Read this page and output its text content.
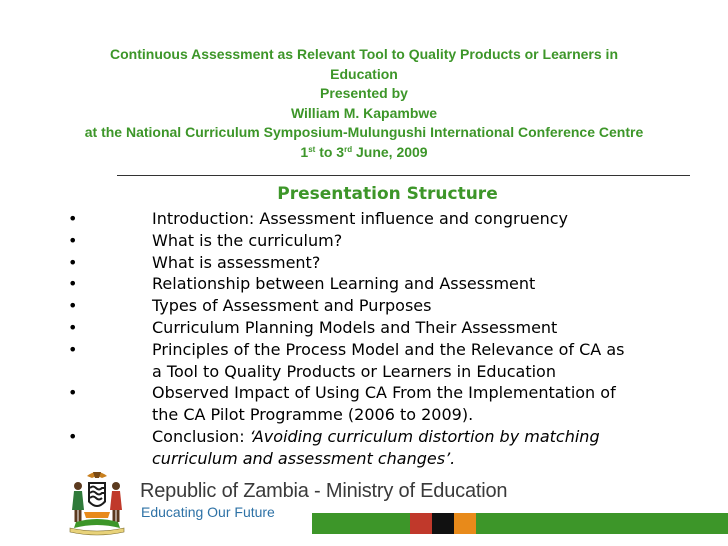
Continuous Assessment as Relevant Tool to Quality Products or Learners in
Education
Presented by
William M. Kapambwe
at the National Curriculum Symposium-Mulungushi International Conference Centre
1st to 3rd June, 2009
Presentation Structure
•	Introduction: Assessment influence and congruency
•	What is the curriculum?
•	What is assessment?
•	Relationship between Learning and Assessment
•	Types of Assessment and Purposes
•	Curriculum Planning Models and Their Assessment
•	Principles of the Process Model and the Relevance of CA as
a Tool to Quality Products or Learners in Education
•	Observed Impact of Using CA From the Implementation of
the CA Pilot Programme (2006 to 2009).
•	Conclusion: ‘Avoiding curriculum distortion by matching
curriculum and assessment changes’.
Republic of Zambia - Ministry of Education
Educating Our Future
